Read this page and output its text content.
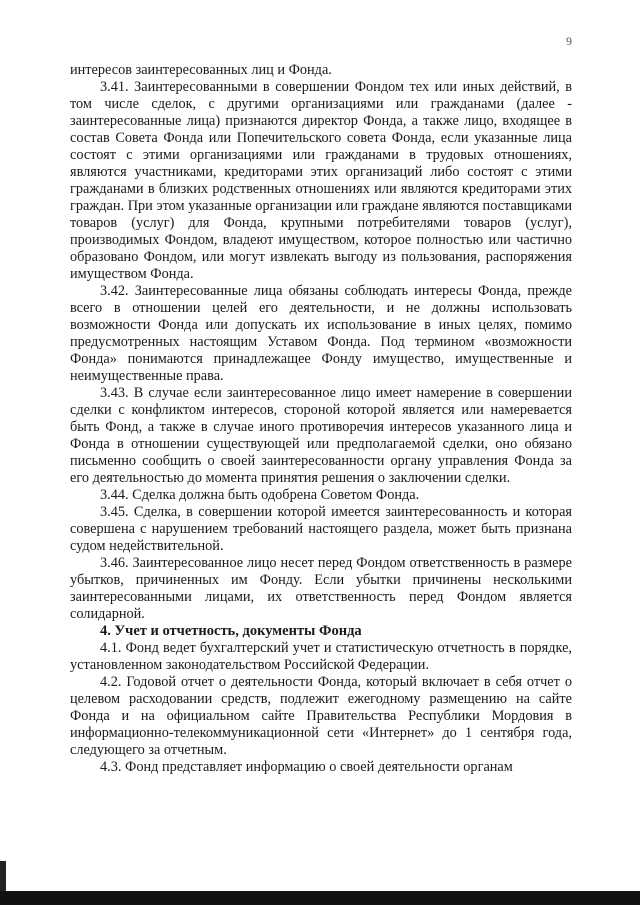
9

интересов заинтересованных лиц и Фонда.

3.41. Заинтересованными в совершении Фондом тех или иных действий, в том числе сделок, с другими организациями или гражданами (далее - заинтересованные лица) признаются директор Фонда, а также лицо, входящее в состав Совета Фонда или Попечительского совета Фонда, если указанные лица состоят с этими организациями или гражданами в трудовых отношениях, являются участниками, кредиторами этих организаций либо состоят с этими гражданами в близких родственных отношениях или являются кредиторами этих граждан. При этом указанные организации или граждане являются поставщиками товаров (услуг) для Фонда, крупными потребителями товаров (услуг), производимых Фондом, владеют имуществом, которое полностью или частично образовано Фондом, или могут извлекать выгоду из пользования, распоряжения имуществом Фонда.

3.42. Заинтересованные лица обязаны соблюдать интересы Фонда, прежде всего в отношении целей его деятельности, и не должны использовать возможности Фонда или допускать их использование в иных целях, помимо предусмотренных настоящим Уставом Фонда. Под термином «возможности Фонда» понимаются принадлежащее Фонду имущество, имущественные и неимущественные права.

3.43. В случае если заинтересованное лицо имеет намерение в совершении сделки с конфликтом интересов, стороной которой является или намеревается быть Фонд, а также в случае иного противоречия интересов указанного лица и Фонда в отношении существующей или предполагаемой сделки, оно обязано письменно сообщить о своей заинтересованности органу управления Фонда за его деятельностью до момента принятия решения о заключении сделки.

3.44. Сделка должна быть одобрена Советом Фонда.

3.45. Сделка, в совершении которой имеется заинтересованность и которая совершена с нарушением требований настоящего раздела, может быть признана судом недействительной.

3.46. Заинтересованное лицо несет перед Фондом ответственность в размере убытков, причиненных им Фонду. Если убытки причинены несколькими заинтересованными лицами, их ответственность перед Фондом является солидарной.

4. Учет и отчетность, документы Фонда

4.1. Фонд ведет бухгалтерский учет и статистическую отчетность в порядке, установленном законодательством Российской Федерации.

4.2. Годовой отчет о деятельности Фонда, который включает в себя отчет о целевом расходовании средств, подлежит ежегодному размещению на сайте Фонда и на официальном сайте Правительства Республики Мордовия в информационно-телекоммуникационной сети «Интернет» до 1 сентября года, следующего за отчетным.

4.3. Фонд представляет информацию о своей деятельности органам
